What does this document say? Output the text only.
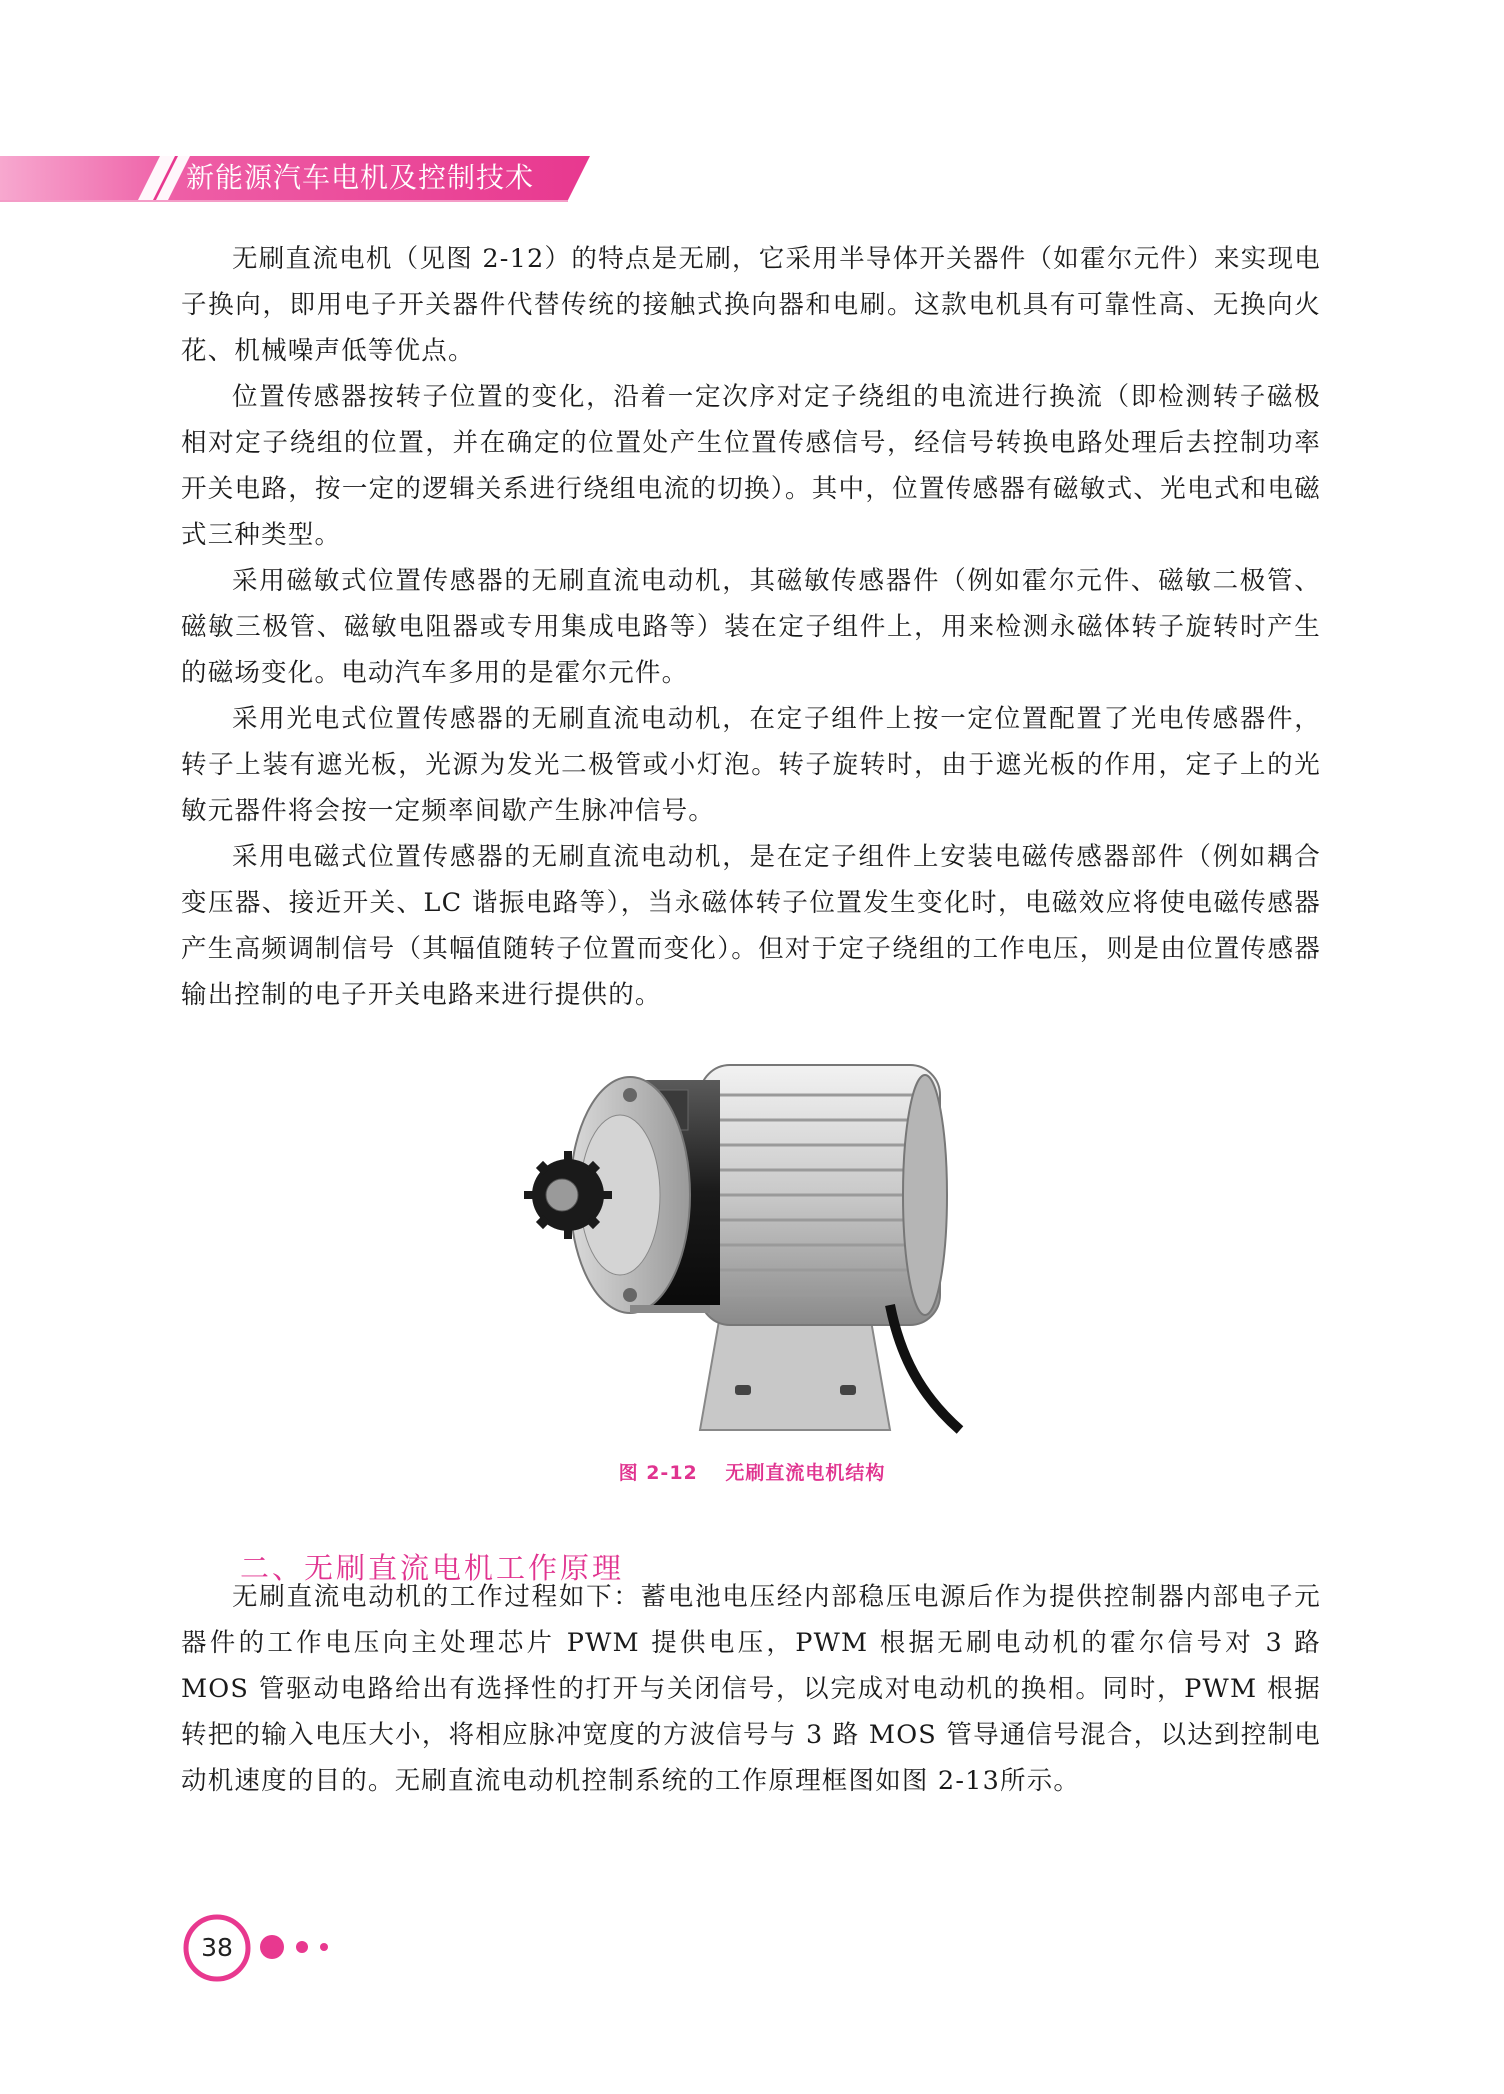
新能源汽车电机及控制技术

无刷直流电机（见图 2-12）的特点是无刷，它采用半导体开关器件（如霍尔元件）来实现电子换向，即用电子开关器件代替传统的接触式换向器和电刷。这款电机具有可靠性高、无换向火花、机械噪声低等优点。

位置传感器按转子位置的变化，沿着一定次序对定子绕组的电流进行换流（即检测转子磁极相对定子绕组的位置，并在确定的位置处产生位置传感信号，经信号转换电路处理后去控制功率开关电路，按一定的逻辑关系进行绕组电流的切换）。其中，位置传感器有磁敏式、光电式和电磁式三种类型。

采用磁敏式位置传感器的无刷直流电动机，其磁敏传感器件（例如霍尔元件、磁敏二极管、磁敏三极管、磁敏电阻器或专用集成电路等）装在定子组件上，用来检测永磁体转子旋转时产生的磁场变化。电动汽车多用的是霍尔元件。

采用光电式位置传感器的无刷直流电动机，在定子组件上按一定位置配置了光电传感器件，转子上装有遮光板，光源为发光二极管或小灯泡。转子旋转时，由于遮光板的作用，定子上的光敏元器件将会按一定频率间歇产生脉冲信号。

采用电磁式位置传感器的无刷直流电动机，是在定子组件上安装电磁传感器部件（例如耦合变压器、接近开关、LC 谐振电路等），当永磁体转子位置发生变化时，电磁效应将使电磁传感器产生高频调制信号（其幅值随转子位置而变化）。但对于定子绕组的工作电压，则是由位置传感器输出控制的电子开关电路来进行提供的。

图 2-12 无刷直流电机结构
二、无刷直流电机工作原理

无刷直流电动机的工作过程如下：蓄电池电压经内部稳压电源后作为提供控制器内部电子元器件的工作电压向主处理芯片 PWM 提供电压，PWM 根据无刷电动机的霍尔信号对 3 路 MOS 管驱动电路给出有选择性的打开与关闭信号，以完成对电动机的换相。同时，PWM 根据转把的输入电压大小，将相应脉冲宽度的方波信号与 3 路 MOS 管导通信号混合，以达到控制电动机速度的目的。无刷直流电动机控制系统的工作原理框图如图 2-13所示。

38
